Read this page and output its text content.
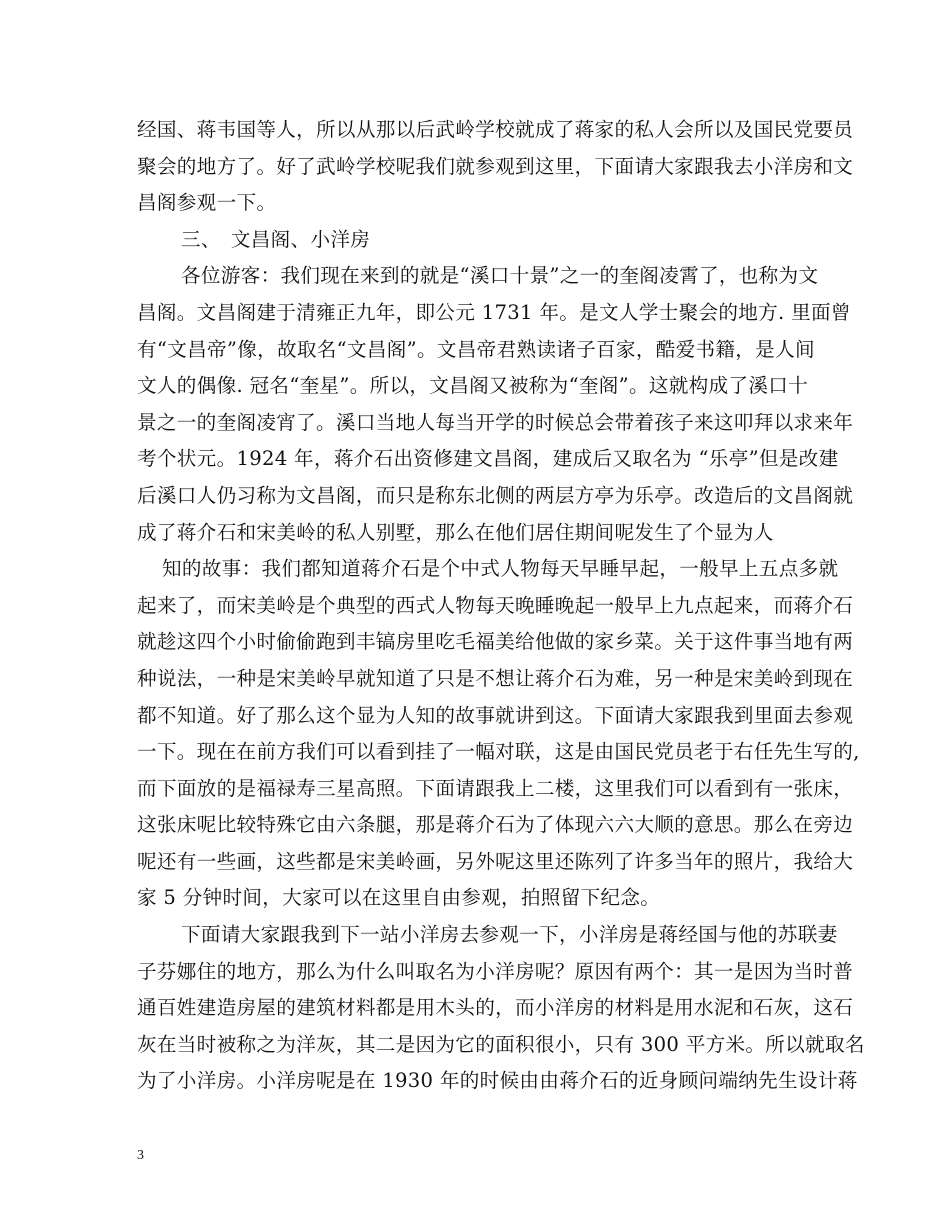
经国、蒋韦国等人，所以从那以后武岭学校就成了蒋家的私人会所以及国民党要员
聚会的地方了。好了武岭学校呢我们就参观到这里，下面请大家跟我去小洋房和文
昌阁参观一下。
三、　文昌阁、小洋房
各位游客：我们现在来到的就是“溪口十景”之一的奎阁凌霄了，也称为文
昌阁。文昌阁建于清雍正九年，即公元 1731 年。是文人学士聚会的地方. 里面曾
有“文昌帝”像，故取名“文昌阁”。文昌帝君熟读诸子百家，酷爱书籍，是人间
文人的偶像. 冠名“奎星”。所以，文昌阁又被称为“奎阁”。这就构成了溪口十
景之一的奎阁凌宵了。溪口当地人每当开学的时候总会带着孩子来这叩拜以求来年
考个状元。1924 年，蒋介石出资修建文昌阁，建成后又取名为 “乐亭”但是改建
后溪口人仍习称为文昌阁，而只是称东北侧的两层方亭为乐亭。改造后的文昌阁就
成了蒋介石和宋美岭的私人别墅，那么在他们居住期间呢发生了个显为人
知的故事：我们都知道蒋介石是个中式人物每天早睡早起，一般早上五点多就
起来了，而宋美岭是个典型的西式人物每天晚睡晚起一般早上九点起来，而蒋介石
就趁这四个小时偷偷跑到丰镐房里吃毛福美给他做的家乡菜。关于这件事当地有两
种说法，一种是宋美岭早就知道了只是不想让蒋介石为难，另一种是宋美岭到现在
都不知道。好了那么这个显为人知的故事就讲到这。下面请大家跟我到里面去参观
一下。现在在前方我们可以看到挂了一幅对联，这是由国民党员老于右任先生写的,
而下面放的是福禄寿三星高照。下面请跟我上二楼，这里我们可以看到有一张床，
这张床呢比较特殊它由六条腿，那是蒋介石为了体现六六大顺的意思。那么在旁边
呢还有一些画，这些都是宋美岭画，另外呢这里还陈列了许多当年的照片，我给大
家 5 分钟时间，大家可以在这里自由参观，拍照留下纪念。
下面请大家跟我到下一站小洋房去参观一下，小洋房是蒋经国与他的苏联妻
子芬娜住的地方，那么为什么叫取名为小洋房呢？原因有两个：其一是因为当时普
通百姓建造房屋的建筑材料都是用木头的，而小洋房的材料是用水泥和石灰，这石
灰在当时被称之为洋灰，其二是因为它的面积很小，只有 300 平方米。所以就取名
为了小洋房。小洋房呢是在 1930 年的时候由由蒋介石的近身顾问端纳先生设计蒋
3
